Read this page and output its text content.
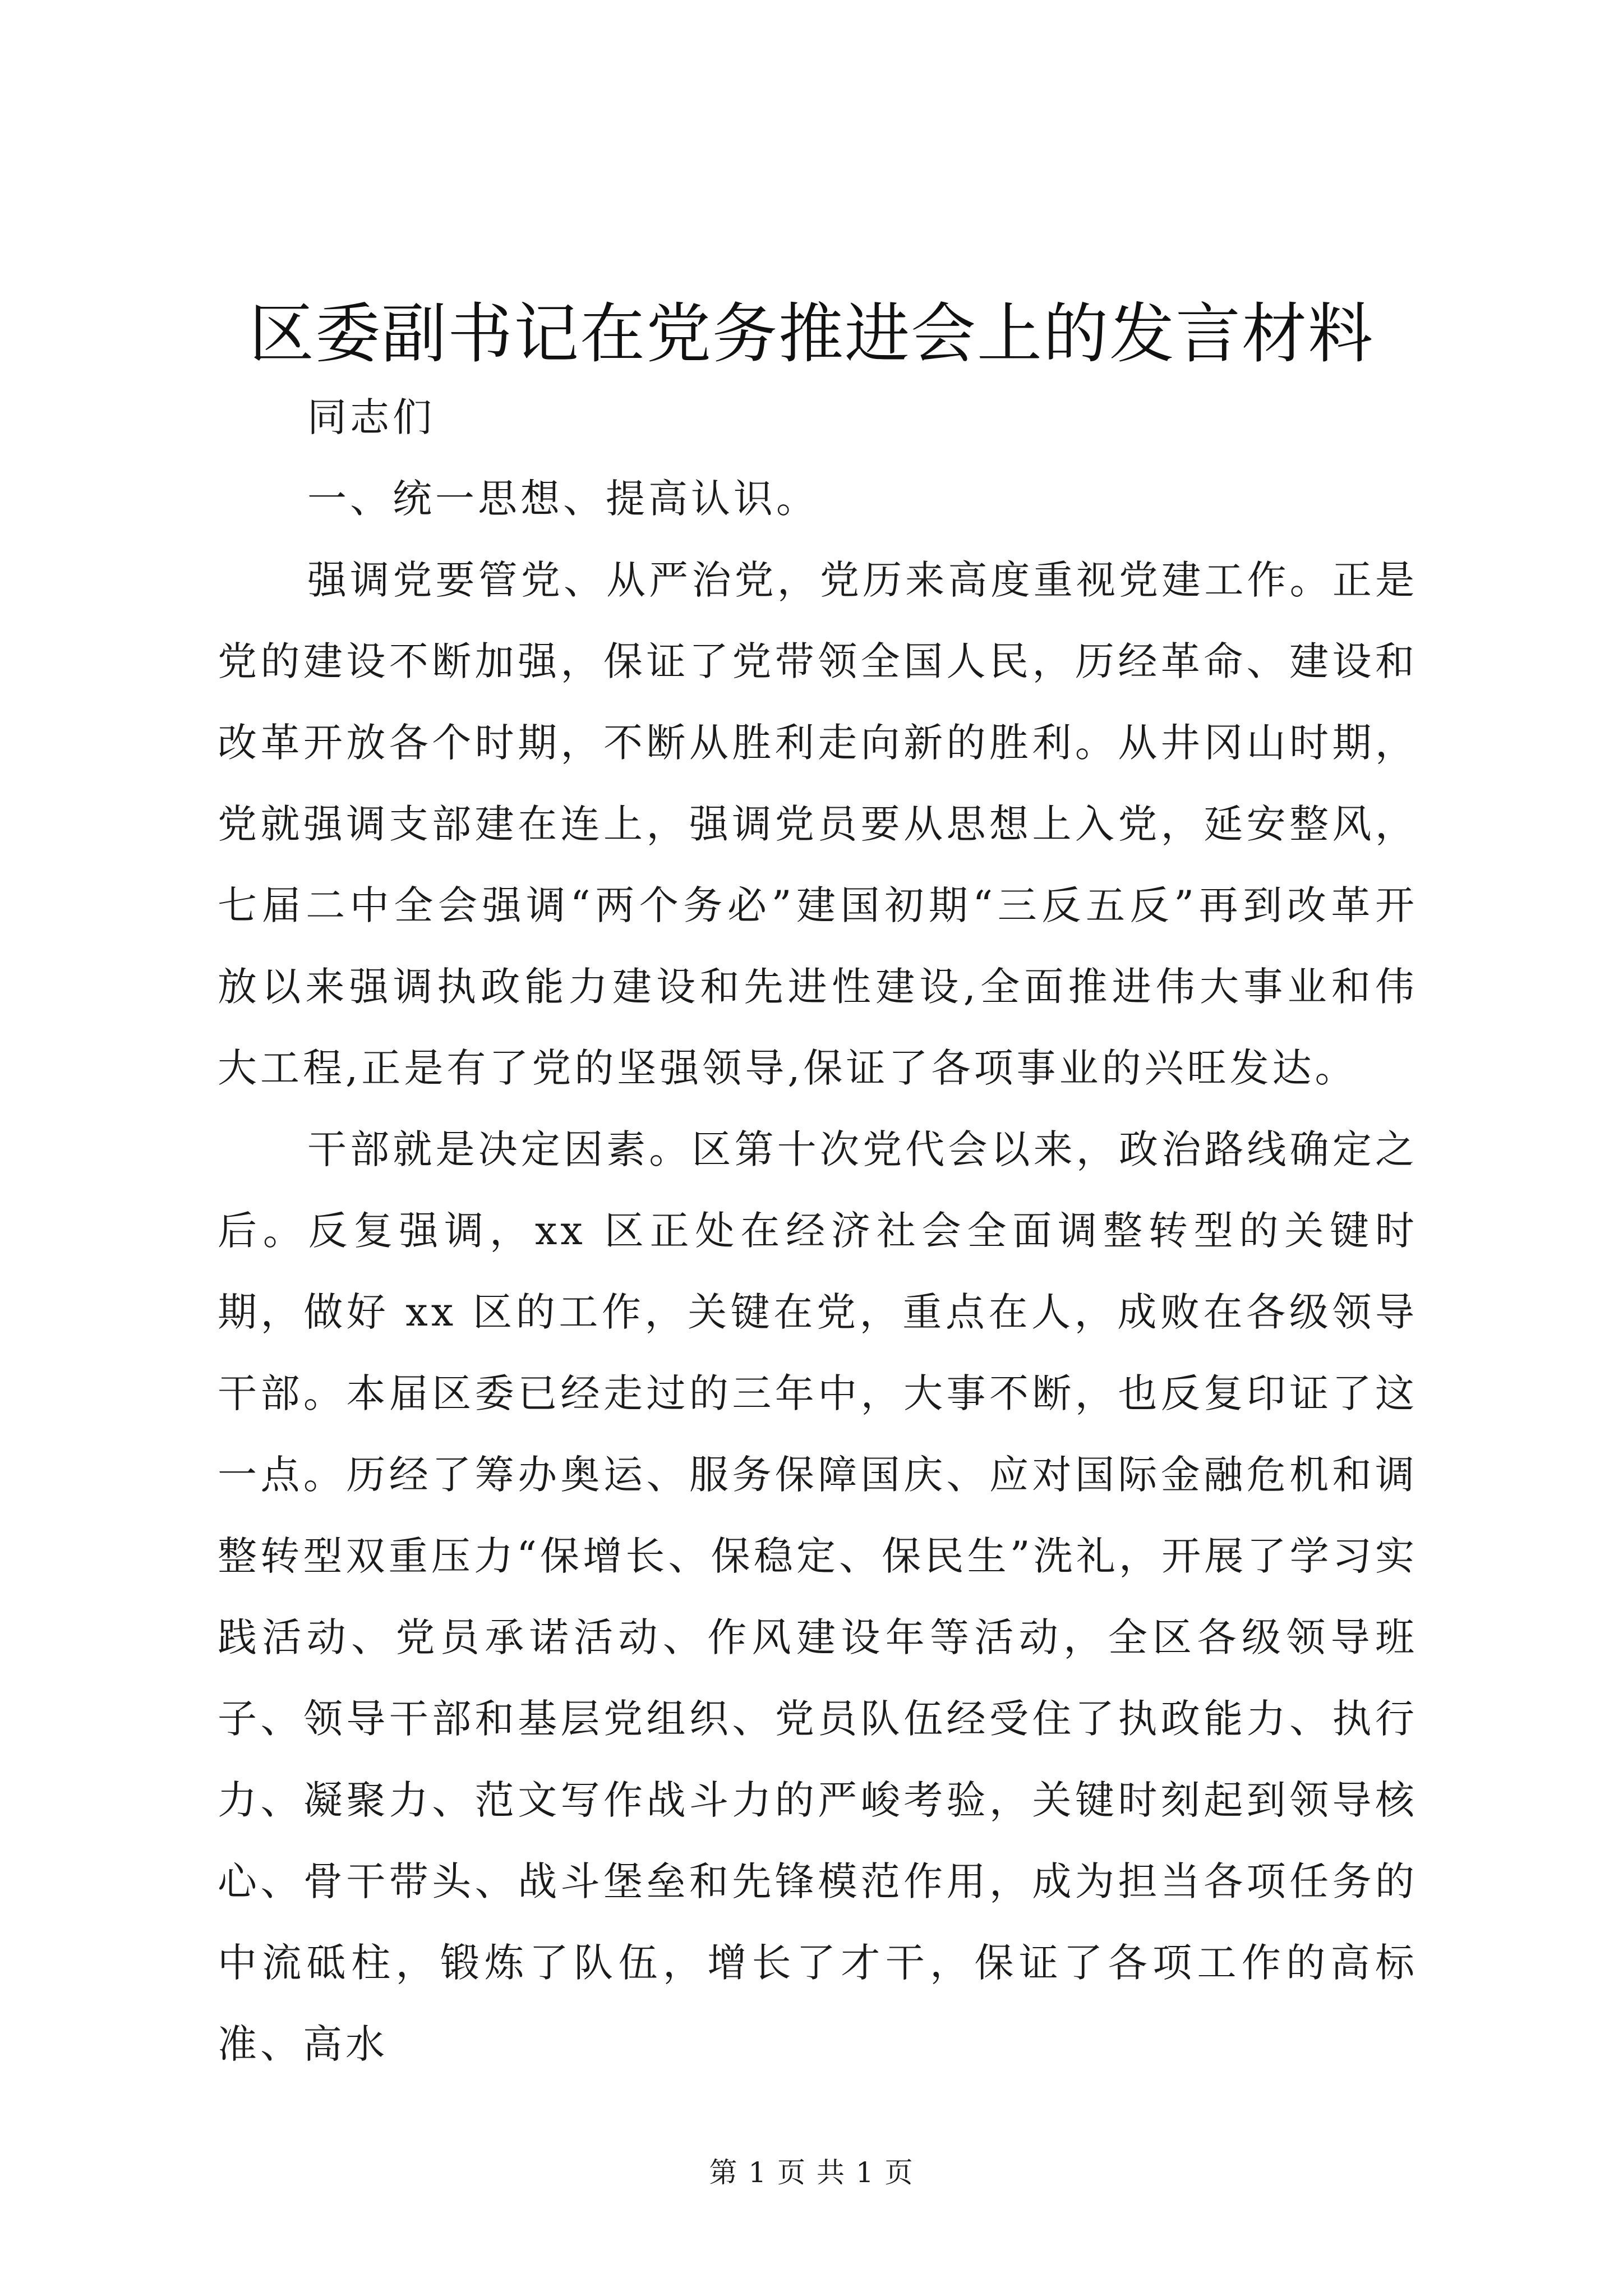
区委副书记在党务推进会上的发言材料

同志们

一、统一思想、提高认识。

强调党要管党、从严治党，党历来高度重视党建工作。正是党的建设不断加强，保证了党带领全国人民，历经革命、建设和改革开放各个时期，不断从胜利走向新的胜利。从井冈山时期，党就强调支部建在连上，强调党员要从思想上入党，延安整风，七届二中全会强调“两个务必”建国初期“三反五反”再到改革开放以来强调执政能力建设和先进性建设,全面推进伟大事业和伟大工程,正是有了党的坚强领导,保证了各项事业的兴旺发达。

干部就是决定因素。区第十次党代会以来，政治路线确定之后。反复强调，xx 区正处在经济社会全面调整转型的关键时期，做好 xx 区的工作，关键在党，重点在人，成败在各级领导干部。本届区委已经走过的三年中，大事不断，也反复印证了这一点。历经了筹办奥运、服务保障国庆、应对国际金融危机和调整转型双重压力“保增长、保稳定、保民生”洗礼，开展了学习实践活动、党员承诺活动、作风建设年等活动，全区各级领导班子、领导干部和基层党组织、党员队伍经受住了执政能力、执行力、凝聚力、范文写作战斗力的严峻考验，关键时刻起到领导核心、骨干带头、战斗堡垒和先锋模范作用，成为担当各项任务的中流砥柱，锻炼了队伍，增长了才干，保证了各项工作的高标准、高水

第 1 页 共 1 页
